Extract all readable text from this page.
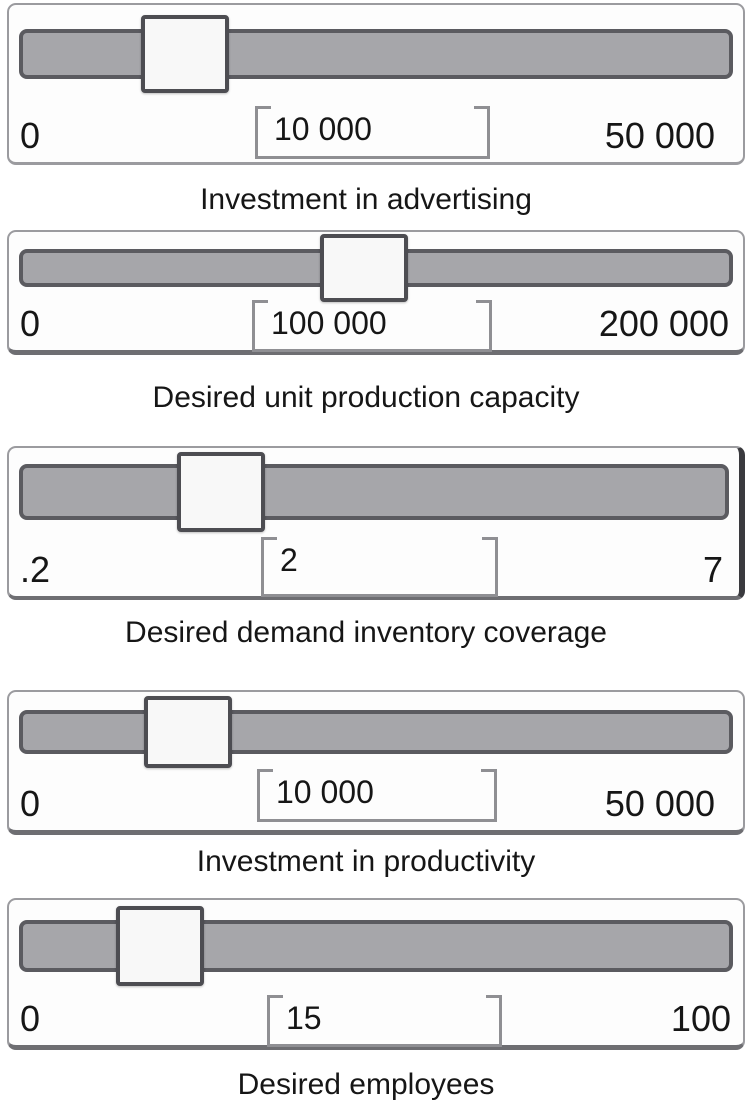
10 000
0	50 000
Investment in advertising
100 000
0	200 000
Desired unit production capacity
2
.2	7
Desired demand inventory coverage
10 000
0	50 000
Investment in productivity
15
0	100
Desired employees
